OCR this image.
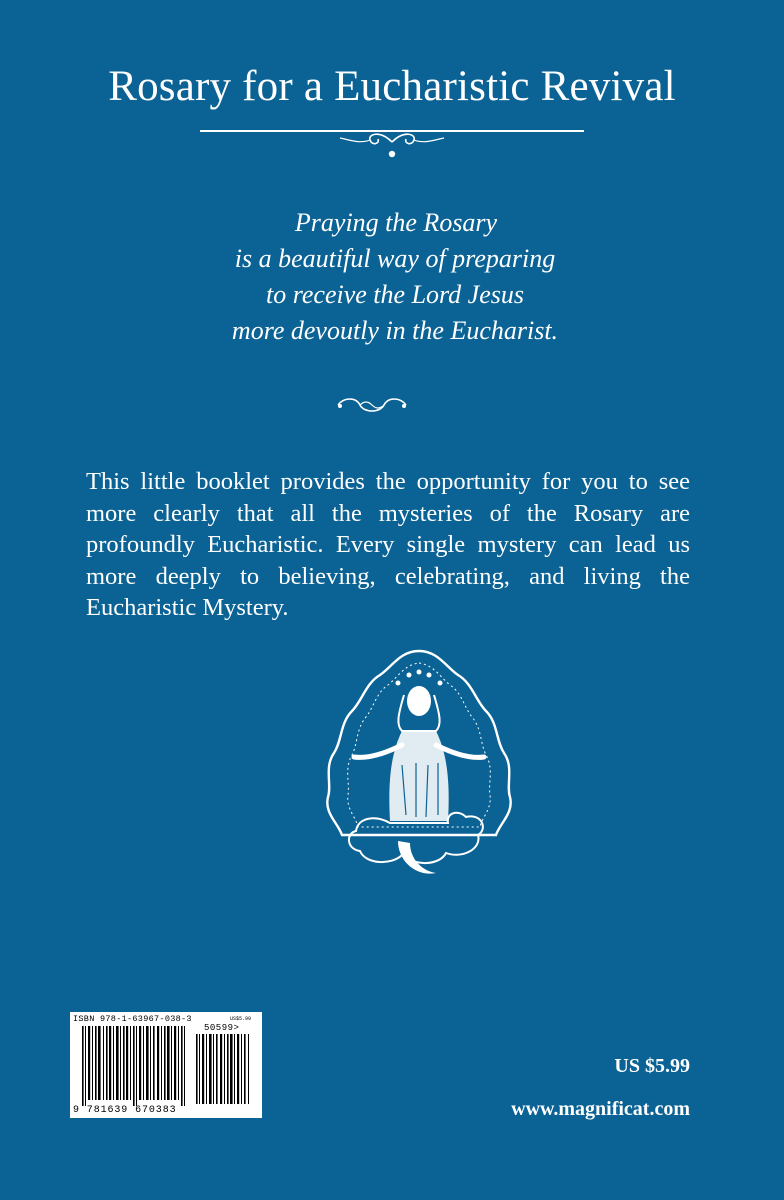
Rosary for a Eucharistic Revival
Praying the Rosary
is a beautiful way of preparing
to receive the Lord Jesus
more devoutly in the Eucharist.
This little booklet provides the opportunity for you to see more clearly that all the mysteries of the Rosary are profoundly Eucharistic. Every single mystery can lead us more deeply to believing, celebrating, and living the Eucharistic Mystery.
ISBN 978-1-63967-038-3	US$5.99
50599>
9 781639 670383
US $5.99
www.magnificat.com
